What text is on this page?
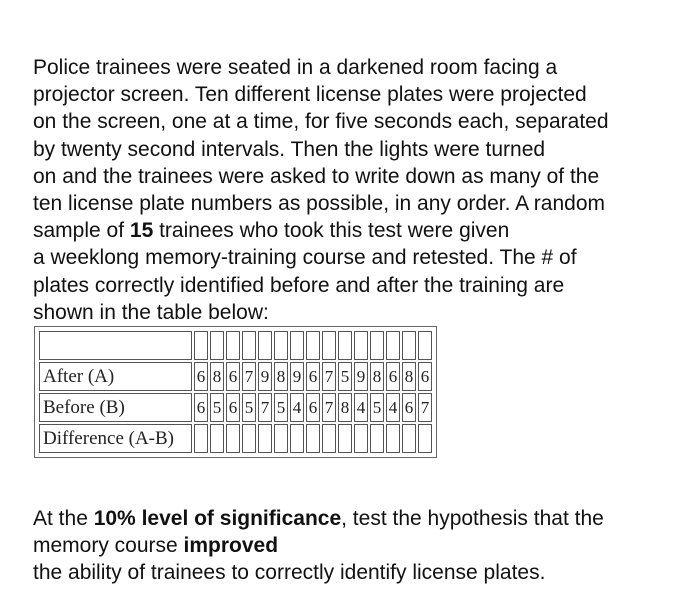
Police trainees were seated in a darkened room facing a
projector screen. Ten different license plates were projected
on the screen, one at a time, for five seconds each, separated
by twenty second intervals. Then the lights were turned
on and the trainees were asked to write down as many of the
ten license plate numbers as possible, in any order. A random
sample of 15 trainees who took this test were given
a weeklong memory-training course and retested. The # of
plates correctly identified before and after the training are
shown in the table below:

After (A)	6	8	6	7	9	8	9	6	7	5	9	8	6	8	6
Before (B)	6	5	6	5	7	5	4	6	7	8	4	5	4	6	7
Difference (A-B)															
At the 10% level of significance, test the hypothesis that the
memory course improved
the ability of trainees to correctly identify license plates.
